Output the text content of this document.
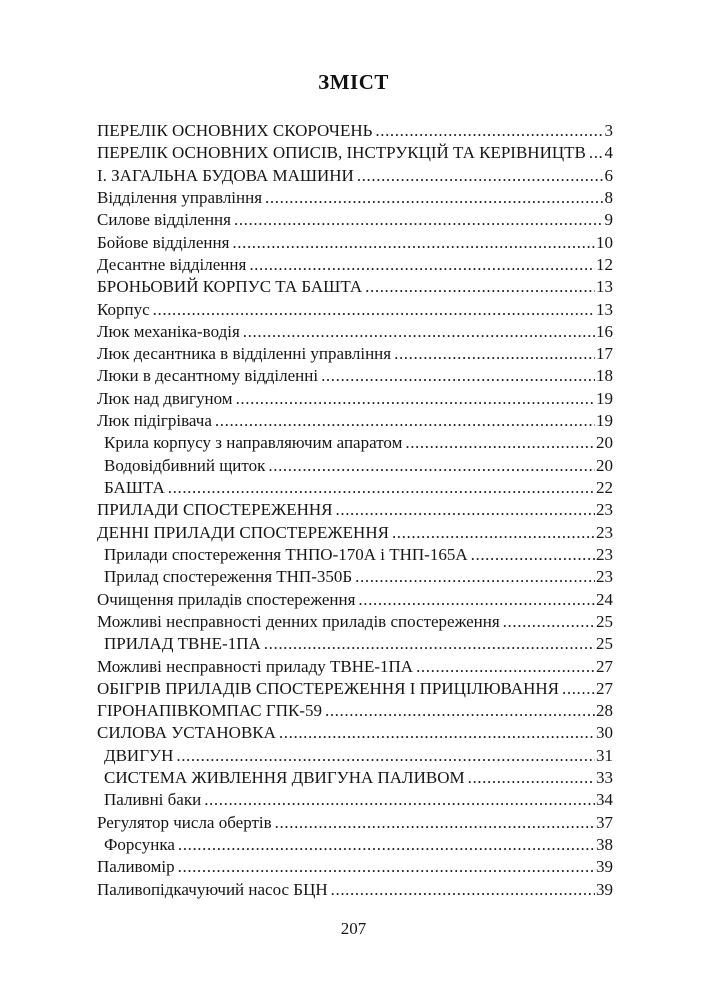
ЗМІСТ
ПЕРЕЛІК ОСНОВНИХ СКОРОЧЕНЬ .....	3
ПЕРЕЛІК ОСНОВНИХ ОПИСІВ, ІНСТРУКЦІЙ ТА КЕРІВНИЦТВ ..... 4
І. ЗАГАЛЬНА БУДОВА МАШИНИ .....	6
Відділення управління .....	8
Силове відділення .....	9
Бойове відділення .....	10
Десантне відділення .....	12
БРОНЬОВИЙ КОРПУС ТА БАШТА .....	13
Корпус .....	13
Люк механіка-водія .....	16
Люк десантника в відділенні управління .....	17
Люки в десантному відділенні .....	18
Люк над двигуном .....	19
Люк підігрівача .....	19
Крила корпусу з направляючим апаратом .....	20
Водовідбивний щиток .....	20
БАШТА .....	22
ПРИЛАДИ СПОСТЕРЕЖЕННЯ .....	23
ДЕННІ ПРИЛАДИ СПОСТЕРЕЖЕННЯ .....	23
Прилади спостереження ТНПО-170А і ТНП-165А .....	23
Прилад спостереження ТНП-350Б .....	23
Очищення приладів спостереження .....	24
Можливі несправності денних приладів спостереження .....	25
ПРИЛАД ТВНЕ-1ПА .....	25
Можливі несправності приладу ТВНЕ-1ПА .....	27
ОБІГРІВ ПРИЛАДІВ СПОСТЕРЕЖЕННЯ І ПРИЦІЛЮВАННЯ ..... 27
ГІРОНАПІВКОМПАС ГПК-59 .....	28
СИЛОВА УСТАНОВКА .....	30
ДВИГУН .....	31
СИСТЕМА ЖИВЛЕННЯ ДВИГУНА ПАЛИВОМ .....	33
Паливні баки .....	34
Регулятор числа обертів .....	37
Форсунка .....	38
Паливомір .....	39
Паливопідкачуючий насос БЦН .....	39
207
